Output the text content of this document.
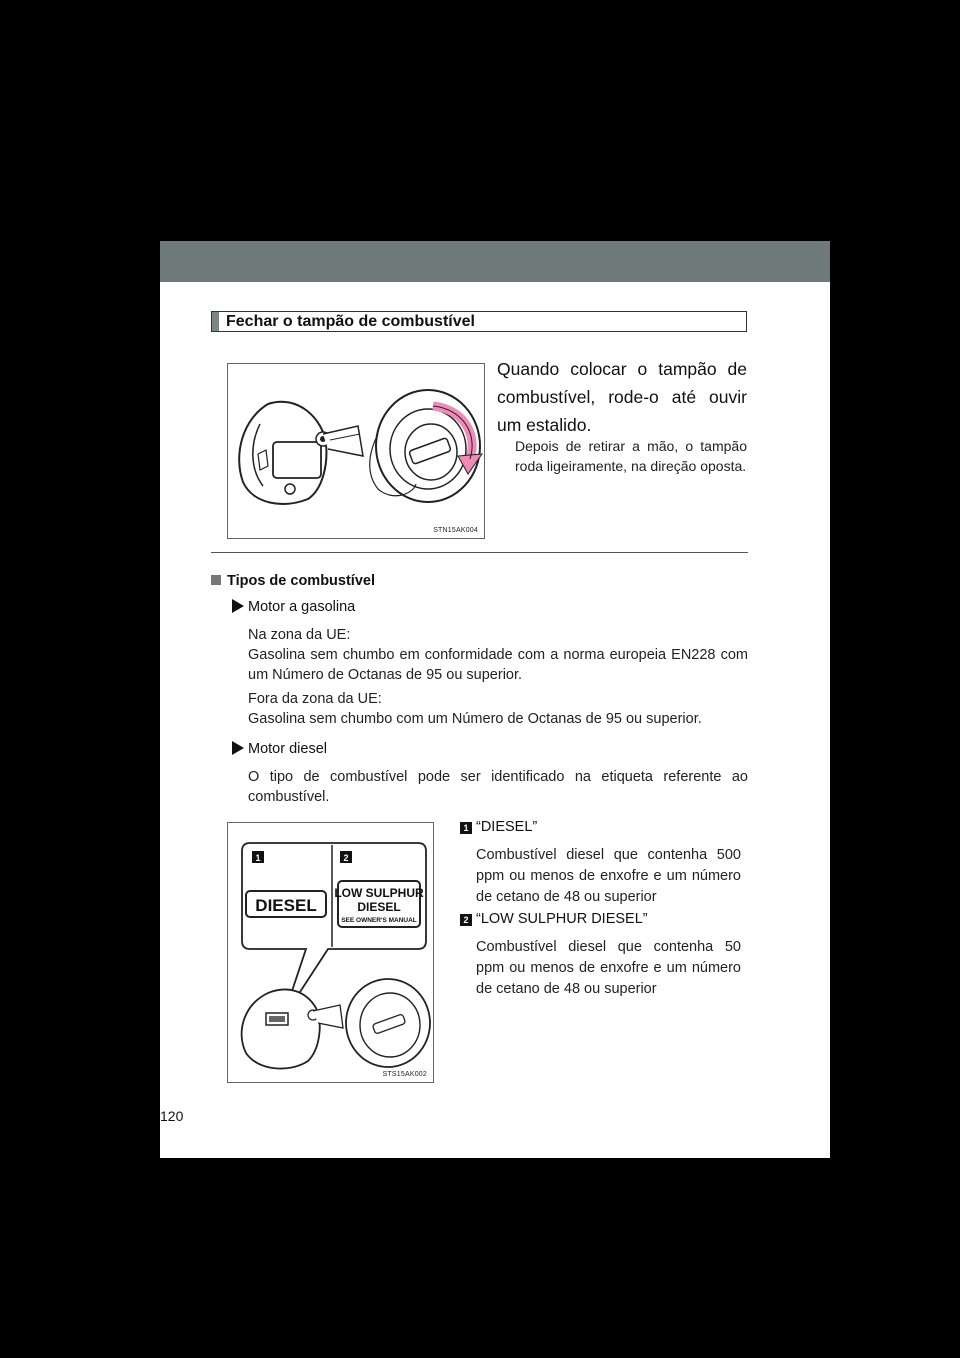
Fechar o tampão de combustível
STN15AK004
Quando colocar o tampão de combustível, rode-o até ouvir um estalido.
Depois de retirar a mão, o tampão roda ligeiramente, na direção oposta.
Tipos de combustível
Motor a gasolina
Na zona da UE:
Gasolina sem chumbo em conformidade com a norma europeia EN228 com um Número de Octanas de 95 ou superior.
Fora da zona da UE:
Gasolina sem chumbo com um Número de Octanas de 95 ou superior.
Motor diesel
O tipo de combustível pode ser identificado na etiqueta referente ao combustível.
1	2
DIESEL
LOW SULPHUR
DIESEL
SEE OWNER'S MANUAL
STS15AK002
1 “DIESEL”
Combustível diesel que contenha 500 ppm ou menos de enxofre e um número de cetano de 48 ou superior
2 “LOW SULPHUR DIESEL”
Combustível diesel que contenha 50 ppm ou menos de enxofre e um número de cetano de 48 ou superior
120
